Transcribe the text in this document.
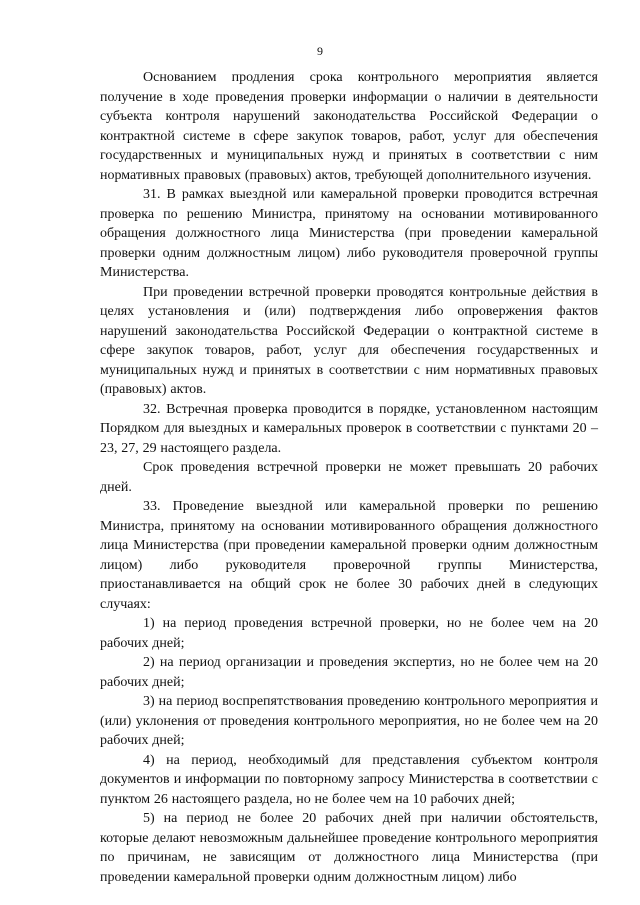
9

Основанием продления срока контрольного мероприятия является получение в ходе проведения проверки информации о наличии в деятельности субъекта контроля нарушений законодательства Российской Федерации о контрактной системе в сфере закупок товаров, работ, услуг для обеспечения государственных и муниципальных нужд и принятых в соответствии с ним нормативных правовых (правовых) актов, требующей дополнительного изучения.

31. В рамках выездной или камеральной проверки проводится встречная проверка по решению Министра, принятому на основании мотивированного обращения должностного лица Министерства (при проведении камеральной проверки одним должностным лицом) либо руководителя проверочной группы Министерства.

При проведении встречной проверки проводятся контрольные действия в целях установления и (или) подтверждения либо опровержения фактов нарушений законодательства Российской Федерации о контрактной системе в сфере закупок товаров, работ, услуг для обеспечения государственных и муниципальных нужд и принятых в соответствии с ним нормативных правовых (правовых) актов.

32. Встречная проверка проводится в порядке, установленном настоящим Порядком для выездных и камеральных проверок в соответствии с пунктами 20 – 23, 27, 29 настоящего раздела.

Срок проведения встречной проверки не может превышать 20 рабочих дней.

33. Проведение выездной или камеральной проверки по решению Министра, принятому на основании мотивированного обращения должностного лица Министерства (при проведении камеральной проверки одним должностным лицом) либо руководителя проверочной группы Министерства, приостанавливается на общий срок не более 30 рабочих дней в следующих случаях:

1) на период проведения встречной проверки, но не более чем на 20 рабочих дней;

2) на период организации и проведения экспертиз, но не более чем на 20 рабочих дней;

3) на период воспрепятствования проведению контрольного мероприятия и (или) уклонения от проведения контрольного мероприятия, но не более чем на 20 рабочих дней;

4) на период, необходимый для представления субъектом контроля документов и информации по повторному запросу Министерства в соответствии с пунктом 26 настоящего раздела, но не более чем на 10 рабочих дней;

5) на период не более 20 рабочих дней при наличии обстоятельств, которые делают невозможным дальнейшее проведение контрольного мероприятия по причинам, не зависящим от должностного лица Министерства (при проведении камеральной проверки одним должностным лицом) либо
